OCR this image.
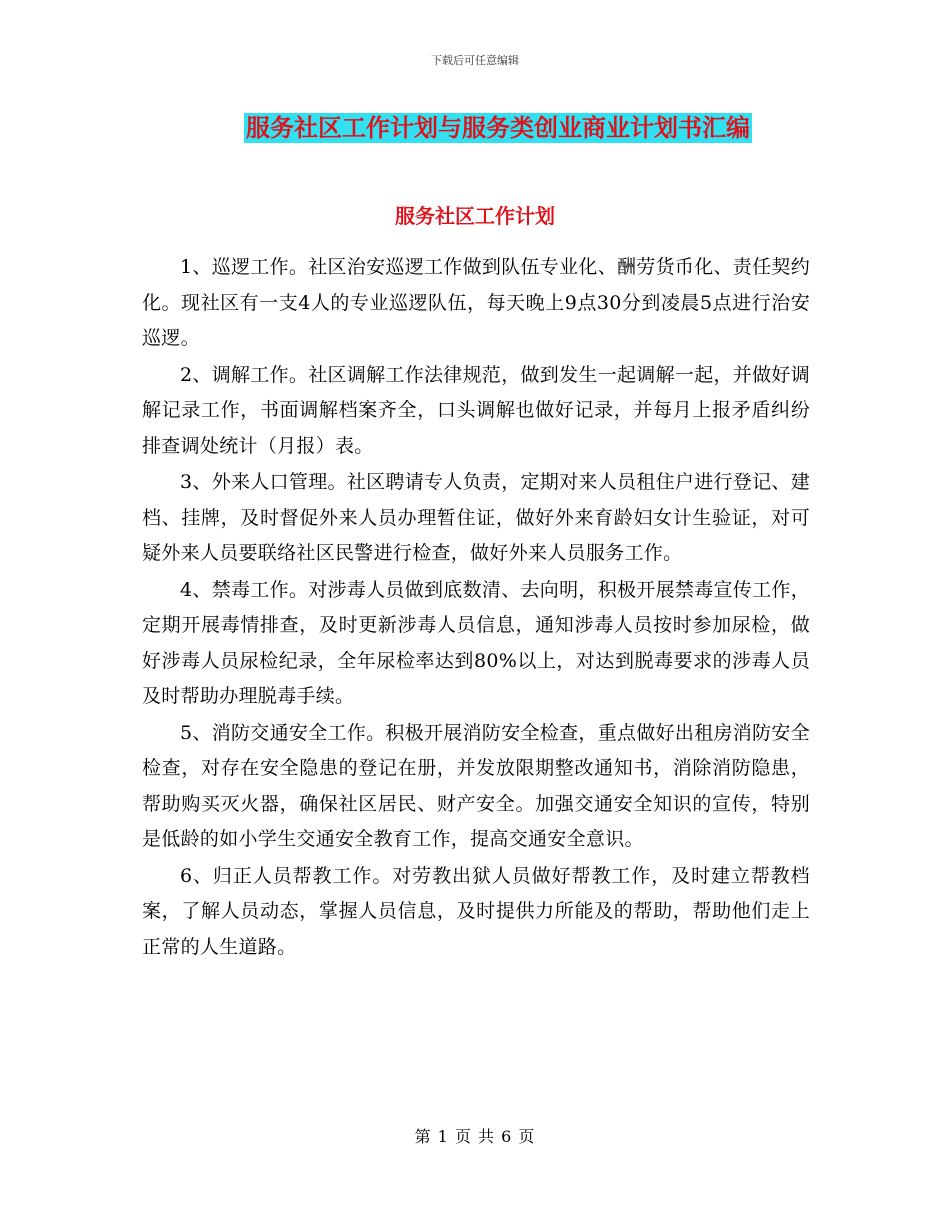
下载后可任意编辑
服务社区工作计划与服务类创业商业计划书汇编
服务社区工作计划

1、巡逻工作。社区治安巡逻工作做到队伍专业化、酬劳货币化、责任契约化。现社区有一支4人的专业巡逻队伍，每天晚上9点30分到凌晨5点进行治安巡逻。

2、调解工作。社区调解工作法律规范，做到发生一起调解一起，并做好调解记录工作，书面调解档案齐全，口头调解也做好记录，并每月上报矛盾纠纷排查调处统计（月报）表。

3、外来人口管理。社区聘请专人负责，定期对来人员租住户进行登记、建档、挂牌，及时督促外来人员办理暂住证，做好外来育龄妇女计生验证，对可疑外来人员要联络社区民警进行检查，做好外来人员服务工作。

4、禁毒工作。对涉毒人员做到底数清、去向明，积极开展禁毒宣传工作，定期开展毒情排查，及时更新涉毒人员信息，通知涉毒人员按时参加尿检，做好涉毒人员尿检纪录，全年尿检率达到80%以上，对达到脱毒要求的涉毒人员及时帮助办理脱毒手续。

5、消防交通安全工作。积极开展消防安全检查，重点做好出租房消防安全检查，对存在安全隐患的登记在册，并发放限期整改通知书，消除消防隐患，帮助购买灭火器，确保社区居民、财产安全。加强交通安全知识的宣传，特别是低龄的如小学生交通安全教育工作，提高交通安全意识。

6、归正人员帮教工作。对劳教出狱人员做好帮教工作，及时建立帮教档案，了解人员动态，掌握人员信息，及时提供力所能及的帮助，帮助他们走上正常的人生道路。

第 1 页 共 6 页
